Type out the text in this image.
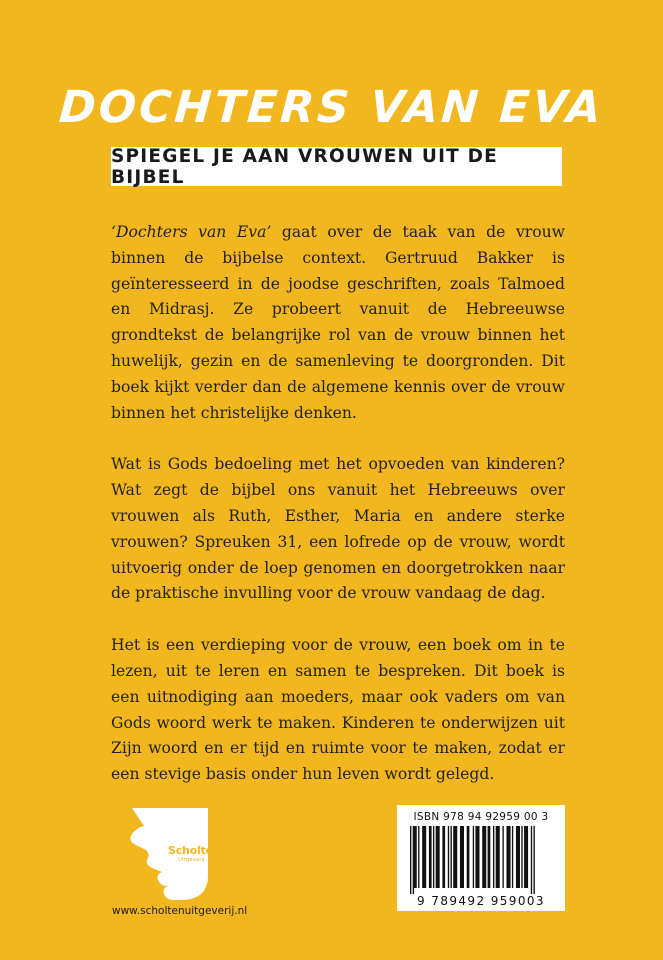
DOCHTERS VAN EVA
SPIEGEL JE AAN VROUWEN UIT DE BIJBEL

‘Dochters van Eva’ gaat over de taak van de vrouw binnen de bijbelse context. Gertruud Bakker is geïnteresseerd in de joodse geschriften, zoals Talmoed en Midrasj. Ze probeert vanuit de Hebreeuwse grondtekst de belangrijke rol van de vrouw binnen het huwelijk, gezin en de samenleving te doorgronden. Dit boek kijkt verder dan de algemene kennis over de vrouw binnen het christelijke denken.

Wat is Gods bedoeling met het opvoeden van kinderen? Wat zegt de bijbel ons vanuit het Hebreeuws over vrouwen als Ruth, Esther, Maria en andere sterke vrouwen? Spreuken 31, een lofrede op de vrouw, wordt uitvoerig onder de loep genomen en doorgetrokken naar de praktische invulling voor de vrouw vandaag de dag.

Het is een verdieping voor de vrouw, een boek om in te lezen, uit te leren en samen te bespreken. Dit boek is een uitnodiging aan moeders, maar ook vaders om van Gods woord werk te maken. Kinderen te onderwijzen uit Zijn woord en er tijd en ruimte voor te maken, zodat er een stevige basis onder hun leven wordt gelegd.

Scholten
Uitgeverij
www.scholtenuitgeverij.nl
ISBN 978 94 92959 00 3
9 789492 959003
